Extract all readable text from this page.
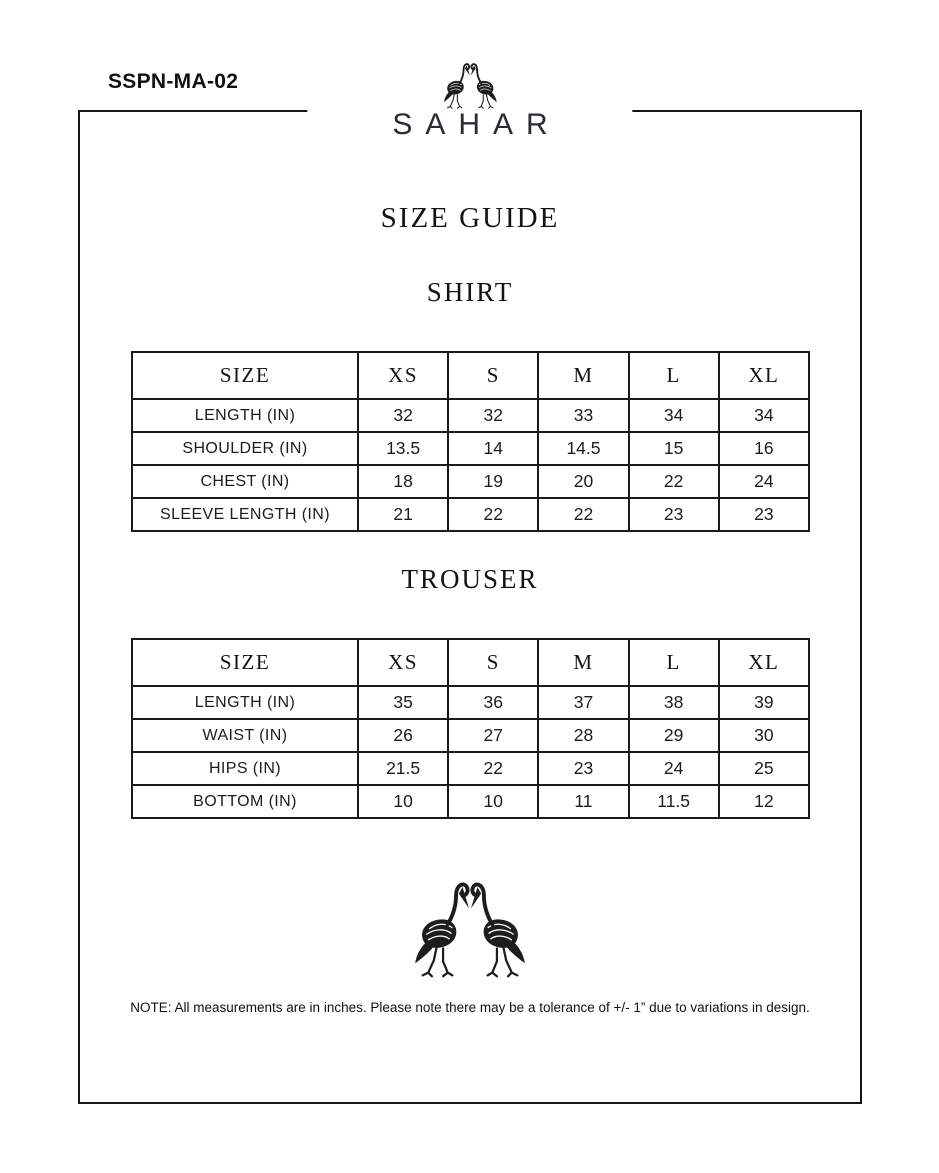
SSPN-MA-02
SAHAR
SIZE GUIDE
SHIRT
SIZE	XS	S	M	L	XL
LENGTH (IN)	32	32	33	34	34
SHOULDER (IN)	13.5	14	14.5	15	16
CHEST (IN)	18	19	20	22	24
SLEEVE LENGTH (IN)	21	22	22	23	23
TROUSER
SIZE	XS	S	M	L	XL
LENGTH (IN)	35	36	37	38	39
WAIST (IN)	26	27	28	29	30
HIPS (IN)	21.5	22	23	24	25
BOTTOM (IN)	10	10	11	11.5	12
NOTE: All measurements are in inches. Please note there may be a tolerance of +/- 1” due to variations in design.
